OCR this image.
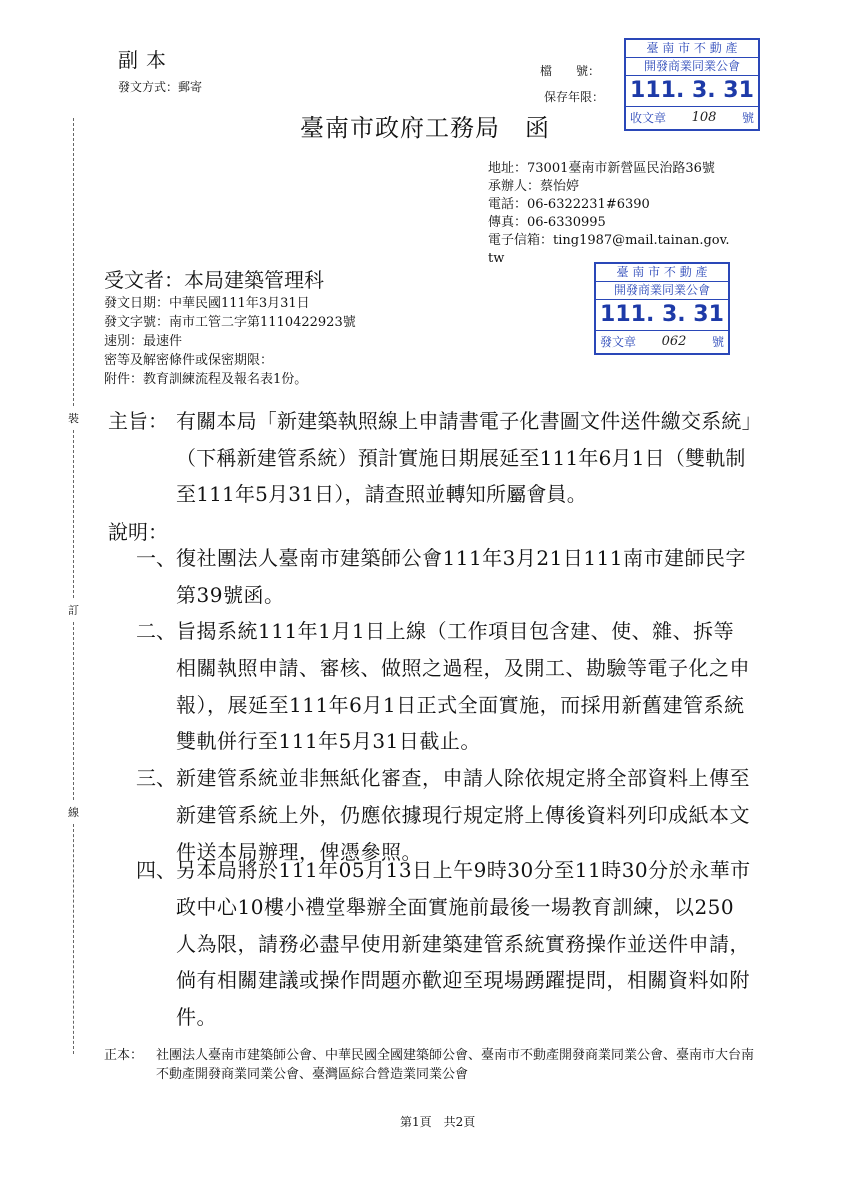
副本
發文方式：郵寄
檔　　號：
保存年限：
臺南市政府工務局　函
臺 南 市 不 動 產
開發商業同業公會
111. 3. 31
收文章	108	號
地址：73001臺南市新營區民治路36號
承辦人：蔡怡婷
電話：06-6322231#6390
傳真：06-6330995
電子信箱：ting1987@mail.tainan.gov.
tw
臺 南 市 不 動 產
開發商業同業公會
111. 3. 31
發文章	062	號
受文者：本局建築管理科
發文日期：中華民國111年3月31日
發文字號：南市工管二字第1110422923號
速別：最速件
密等及解密條件或保密期限：
附件：教育訓練流程及報名表1份。
裝
訂
線
主旨： 有關本局「新建築執照線上申請書電子化書圖文件送件繳交系統」（下稱新建管系統）預計實施日期展延至111年6月1日（雙軌制至111年5月31日），請查照並轉知所屬會員。
說明：
一、 復社團法人臺南市建築師公會111年3月21日111南市建師民字第39號函。
二、 旨揭系統111年1月1日上線（工作項目包含建、使、雜、拆等相關執照申請、審核、做照之過程，及開工、勘驗等電子化之申報），展延至111年6月1日正式全面實施，而採用新舊建管系統雙軌併行至111年5月31日截止。
三、 新建管系統並非無紙化審查，申請人除依規定將全部資料上傳至新建管系統上外，仍應依據現行規定將上傳後資料列印成紙本文件送本局辦理，俾憑參照。
四、 另本局將於111年05月13日上午9時30分至11時30分於永華市政中心10樓小禮堂舉辦全面實施前最後一場教育訓練，以250人為限，請務必盡早使用新建築建管系統實務操作並送件申請，倘有相關建議或操作問題亦歡迎至現場踴躍提問，相關資料如附件。
正本： 社團法人臺南市建築師公會、中華民國全國建築師公會、臺南市不動產開發商業同業公會、臺南市大台南不動產開發商業同業公會、臺灣區綜合營造業同業公會
第1頁　共2頁
